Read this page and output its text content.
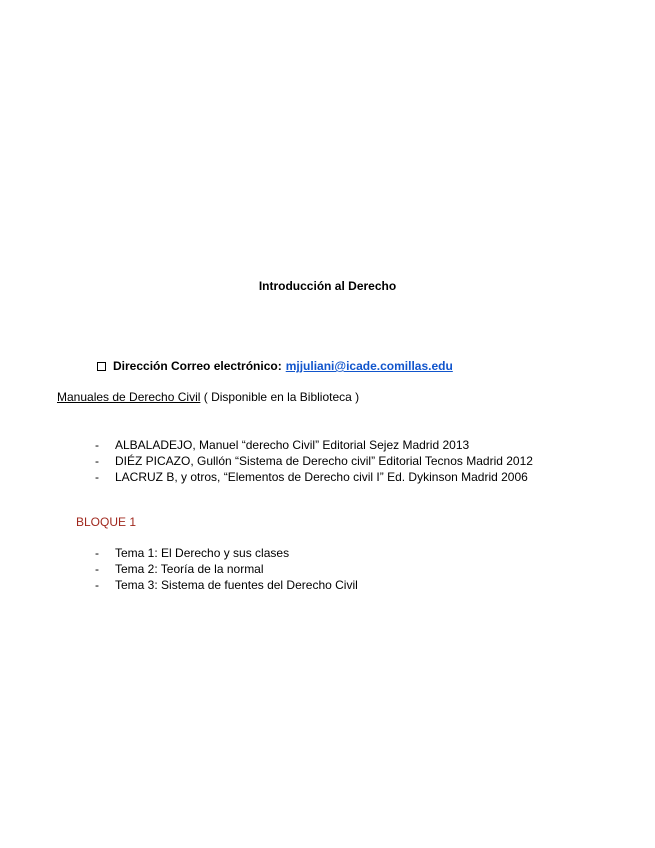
Introducción al Derecho
Dirección Correo electrónico: mjjuliani@icade.comillas.edu
Manuales de Derecho Civil ( Disponible en la Biblioteca )
-	ALBALADEJO, Manuel “derecho Civil” Editorial Sejez Madrid 2013
-	DIÉZ PICAZO, Gullón “Sistema de Derecho civil” Editorial Tecnos Madrid 2012
-	LACRUZ B, y otros, “Elementos de Derecho civil I” Ed. Dykinson Madrid 2006
BLOQUE 1
-	Tema 1: El Derecho y sus clases
-	Tema 2: Teoría de la normal
-	Tema 3: Sistema de fuentes del Derecho Civil
